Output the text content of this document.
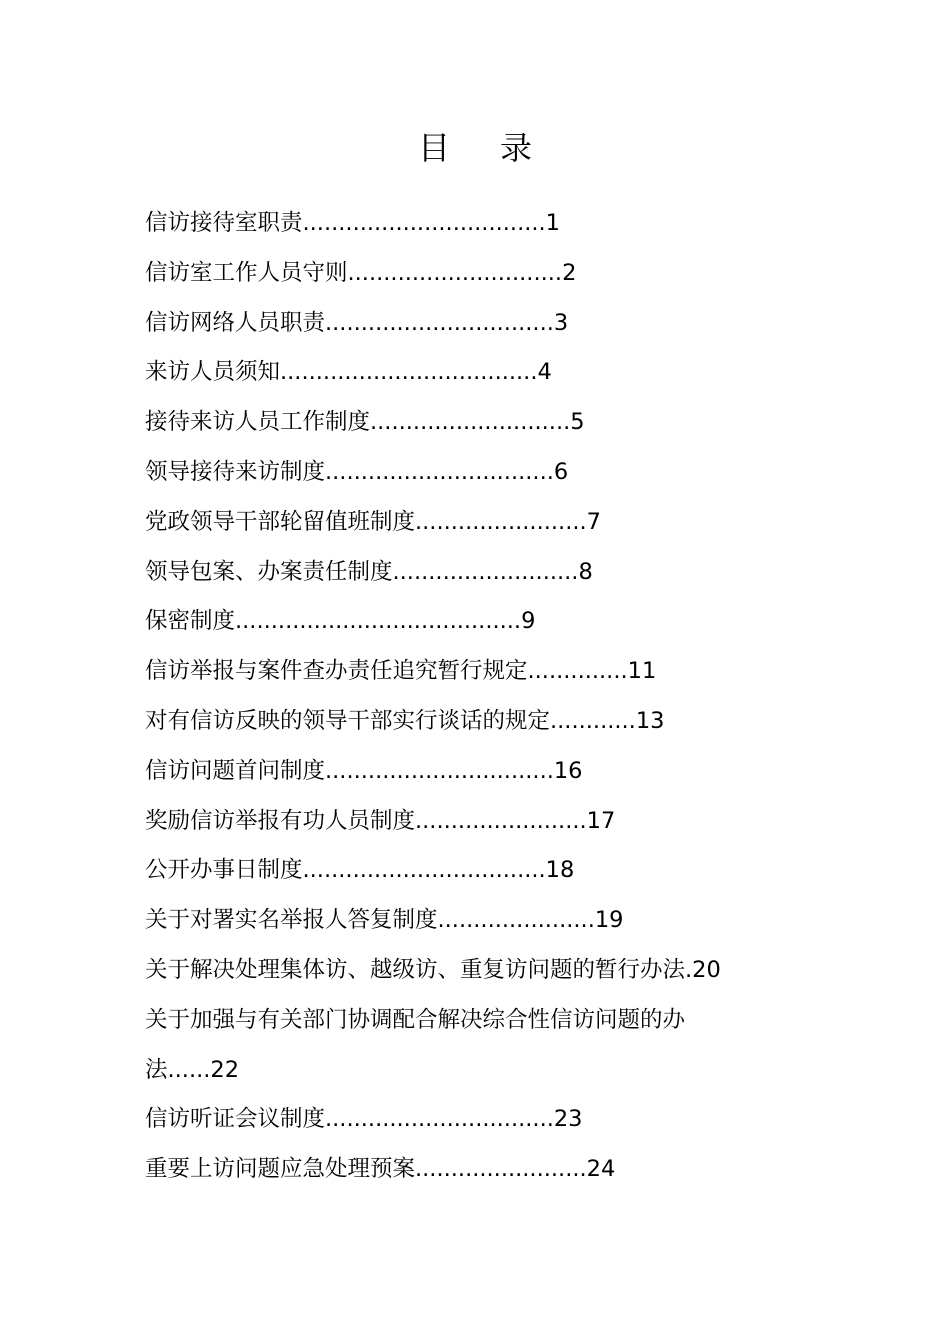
目 录
信访接待室职责..................................1
信访室工作人员守则..............................2
信访网络人员职责................................3
来访人员须知....................................4
接待来访人员工作制度............................5
领导接待来访制度................................6
党政领导干部轮留值班制度........................7
领导包案、办案责任制度..........................8
保密制度........................................9
信访举报与案件查办责任追究暂行规定..............11
对有信访反映的领导干部实行谈话的规定............13
信访问题首问制度................................16
奖励信访举报有功人员制度........................17
公开办事日制度..................................18
关于对署实名举报人答复制度......................19
关于解决处理集体访、越级访、重复访问题的暂行办法.20
关于加强与有关部门协调配合解决综合性信访问题的办
法......22
信访听证会议制度................................23
重要上访问题应急处理预案........................24
